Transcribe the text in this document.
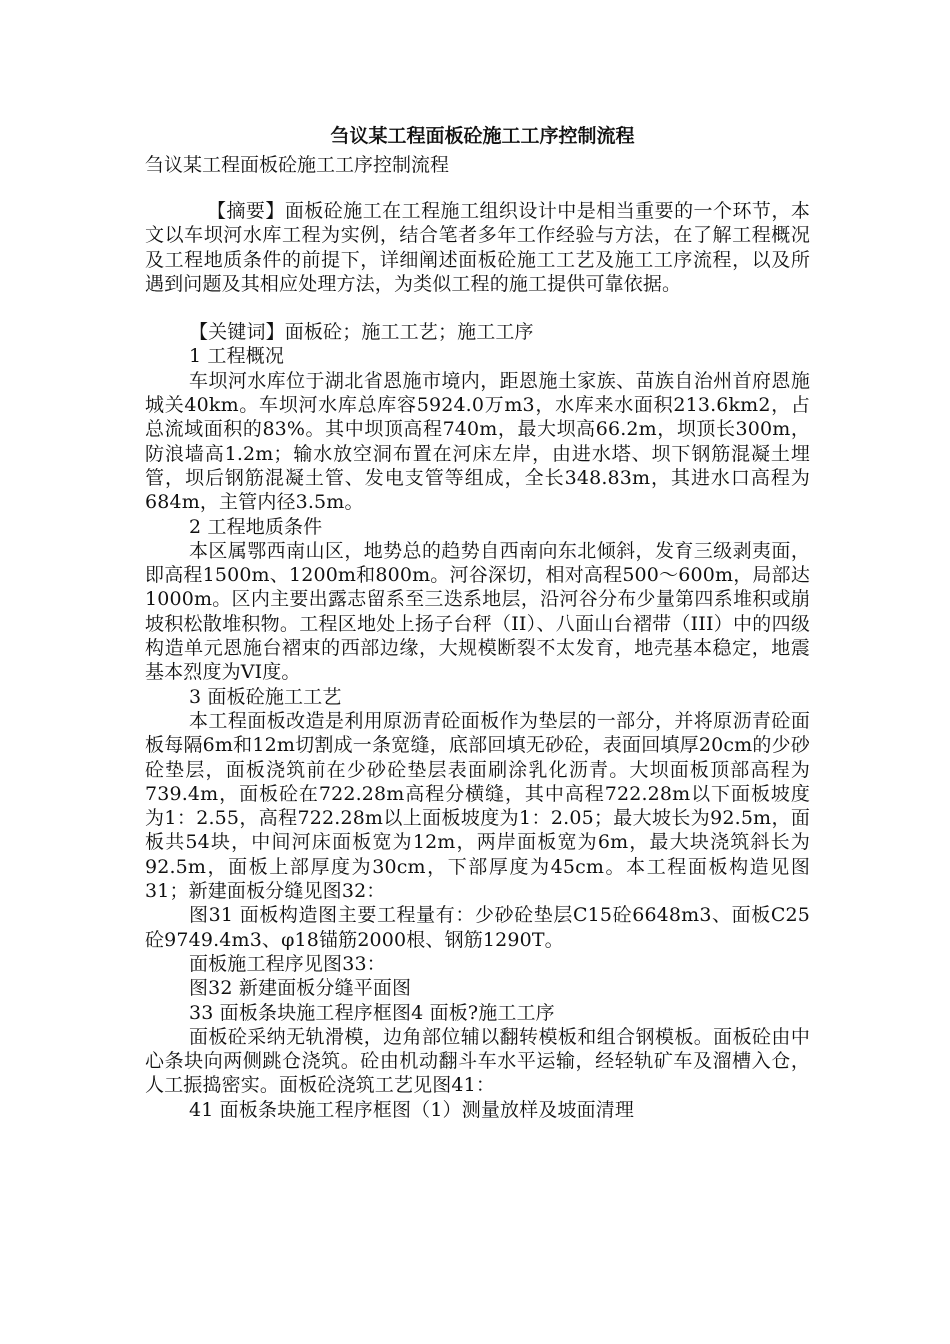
刍议某工程面板砼施工工序控制流程
刍议某工程面板砼施工工序控制流程

【摘要】面板砼施工在工程施工组织设计中是相当重要的一个环节，本文以车坝河水库工程为实例，结合笔者多年工作经验与方法，在了解工程概况及工程地质条件的前提下，详细阐述面板砼施工工艺及施工工序流程，以及所遇到问题及其相应处理方法，为类似工程的施工提供可靠依据。

【关键词】面板砼；施工工艺；施工工序

1 工程概况

车坝河水库位于湖北省恩施市境内，距恩施土家族、苗族自治州首府恩施城关40km。车坝河水库总库容5924.0万m3，水库来水面积213.6km2，占总流域面积的83%。其中坝顶高程740m，最大坝高66.2m，坝顶长300m，防浪墙高1.2m；输水放空洞布置在河床左岸，由进水塔、坝下钢筋混凝土埋管，坝后钢筋混凝土管、发电支管等组成，全长348.83m，其进水口高程为684m，主管内径3.5m。

2 工程地质条件

本区属鄂西南山区，地势总的趋势自西南向东北倾斜，发育三级剥夷面，即高程1500m、1200m和800m。河谷深切，相对高程500～600m，局部达1000m。区内主要出露志留系至三迭系地层，沿河谷分布少量第四系堆积或崩坡积松散堆积物。工程区地处上扬子台秤（II）、八面山台褶带（III）中的四级构造单元恩施台褶束的西部边缘，大规模断裂不太发育，地壳基本稳定，地震基本烈度为VI度。

3 面板砼施工工艺

本工程面板改造是利用原沥青砼面板作为垫层的一部分，并将原沥青砼面板每隔6m和12m切割成一条宽缝，底部回填无砂砼，表面回填厚20cm的少砂砼垫层，面板浇筑前在少砂砼垫层表面刷涂乳化沥青。大坝面板顶部高程为739.4m，面板砼在722.28m高程分横缝，其中高程722.28m以下面板坡度为1：2.55，高程722.28m以上面板坡度为1：2.05；最大坡长为92.5m，面板共54块，中间河床面板宽为12m，两岸面板宽为6m，最大块浇筑斜长为92.5m，面板上部厚度为30cm，下部厚度为45cm。本工程面板构造见图31；新建面板分缝见图32：

图31 面板构造图主要工程量有：少砂砼垫层C15砼6648m3、面板C25砼9749.4m3、φ18锚筋2000根、钢筋1290T。

面板施工程序见图33：

图32 新建面板分缝平面图

33 面板条块施工程序框图4 面板?施工工序

面板砼采纳无轨滑模，边角部位辅以翻转模板和组合钢模板。面板砼由中心条块向两侧跳仓浇筑。砼由机动翻斗车水平运输，经轻轨矿车及溜槽入仓，人工振捣密实。面板砼浇筑工艺见图41：

41 面板条块施工程序框图（1）测量放样及坡面清理
